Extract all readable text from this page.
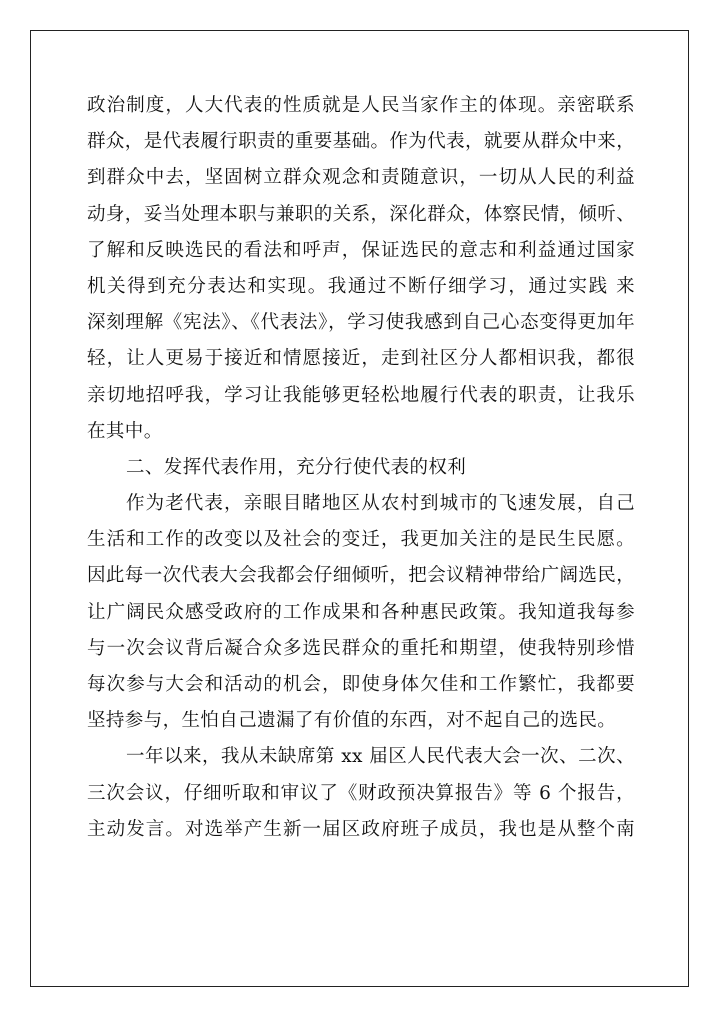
政治制度，人大代表的性质就是人民当家作主的体现。亲密联系
群众，是代表履行职责的重要基础。作为代表，就要从群众中来，
到群众中去，坚固树立群众观念和责随意识，一切从人民的利益
动身，妥当处理本职与兼职的关系，深化群众，体察民情，倾听、
了解和反映选民的看法和呼声，保证选民的意志和利益通过国家
机关得到充分表达和实现。我通过不断仔细学习，通过实践 来
深刻理解《宪法》、《代表法》，学习使我感到自己心态变得更加年
轻，让人更易于接近和情愿接近，走到社区分人都相识我，都很
亲切地招呼我，学习让我能够更轻松地履行代表的职责，让我乐
在其中。
二、发挥代表作用，充分行使代表的权利
作为老代表，亲眼目睹地区从农村到城市的飞速发展，自己
生活和工作的改变以及社会的变迁，我更加关注的是民生民愿。
因此每一次代表大会我都会仔细倾听，把会议精神带给广阔选民，
让广阔民众感受政府的工作成果和各种惠民政策。我知道我每参
与一次会议背后凝合众多选民群众的重托和期望，使我特别珍惜
每次参与大会和活动的机会，即使身体欠佳和工作繁忙，我都要
坚持参与，生怕自己遗漏了有价值的东西，对不起自己的选民。
一年以来，我从未缺席第 xx 届区人民代表大会一次、二次、
三次会议，仔细听取和审议了《财政预决算报告》等 6 个报告，
主动发言。对选举产生新一届区政府班子成员，我也是从整个南
